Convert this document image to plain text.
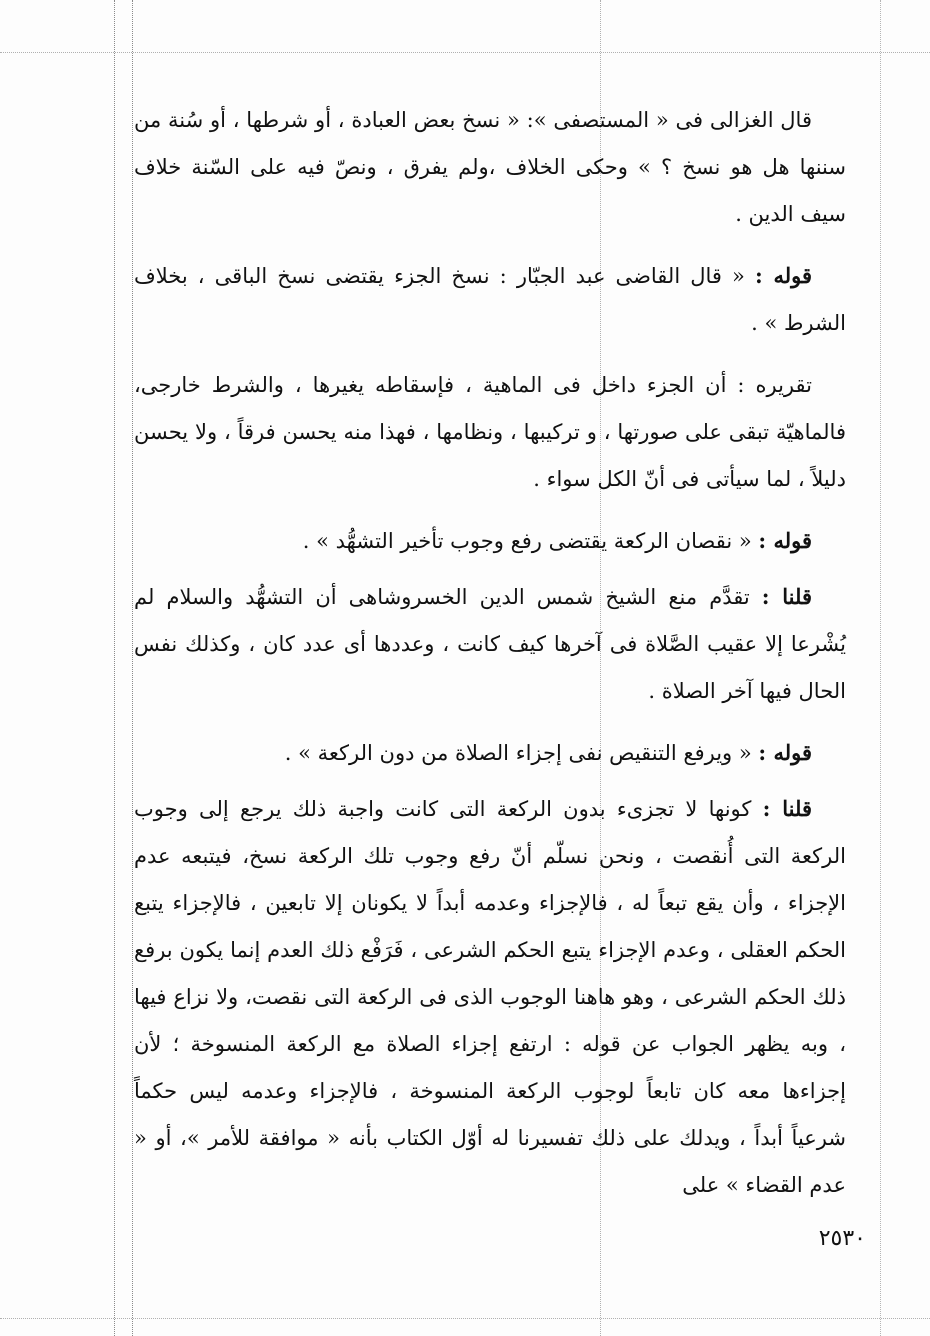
قال الغزالى فى « المستصفى »: « نسخ بعض العبادة ، أو شرطها ، أو سُنة من سننها هل هو نسخ ؟ » وحكى الخلاف ،ولم يفرق ، ونصّ فيه على السّنة خلاف سيف الدين .

قوله : « قال القاضى عبد الجبّار : نسخ الجزء يقتضى نسخ الباقى ، بخلاف الشرط » .

تقريره : أن الجزء داخل فى الماهية ، فإسقاطه يغيرها ، والشرط خارجى، فالماهيّة تبقى على صورتها ، و تركيبها ، ونظامها ، فهذا منه يحسن فرقاً ، ولا يحسن دليلاً ، لما سيأتى فى أنّ الكل سواء .

قوله : « نقصان الركعة يقتضى رفع وجوب تأخير التشهُّد » .

قلنا : تقدَّم منع الشيخ شمس الدين الخسروشاهى أن التشهُّد والسلام لم يُشْرعا إلا عقيب الصَّلاة فى آخرها كيف كانت ، وعددها أى عدد كان ، وكذلك نفس الحال فيها آخر الصلاة .

قوله : « ويرفع التنقيص نفى إجزاء الصلاة من دون الركعة » .

قلنا : كونها لا تجزىء بدون الركعة التى كانت واجبة ذلك يرجع إلى وجوب الركعة التى أُنقصت ، ونحن نسلّم أنّ رفع وجوب تلك الركعة نسخ، فيتبعه عدم الإجزاء ، وأن يقع تبعاً له ، فالإجزاء وعدمه أبداً لا يكونان إلا تابعين ، فالإجزاء يتبع الحكم العقلى ، وعدم الإجزاء يتبع الحكم الشرعى ، فَرَفْع ذلك العدم إنما يكون برفع ذلك الحكم الشرعى ، وهو هاهنا الوجوب الذى فى الركعة التى نقصت، ولا نزاع فيها ، وبه يظهر الجواب عن قوله : ارتفع إجزاء الصلاة مع الركعة المنسوخة ؛ لأن إجزاءها معه كان تابعاً لوجوب الركعة المنسوخة ، فالإجزاء وعدمه ليس حكماً شرعياً أبداً ، ويدلك على ذلك تفسيرنا له أوّل الكتاب بأنه « موافقة للأمر »، أو « عدم القضاء » على

٢٥٣٠
